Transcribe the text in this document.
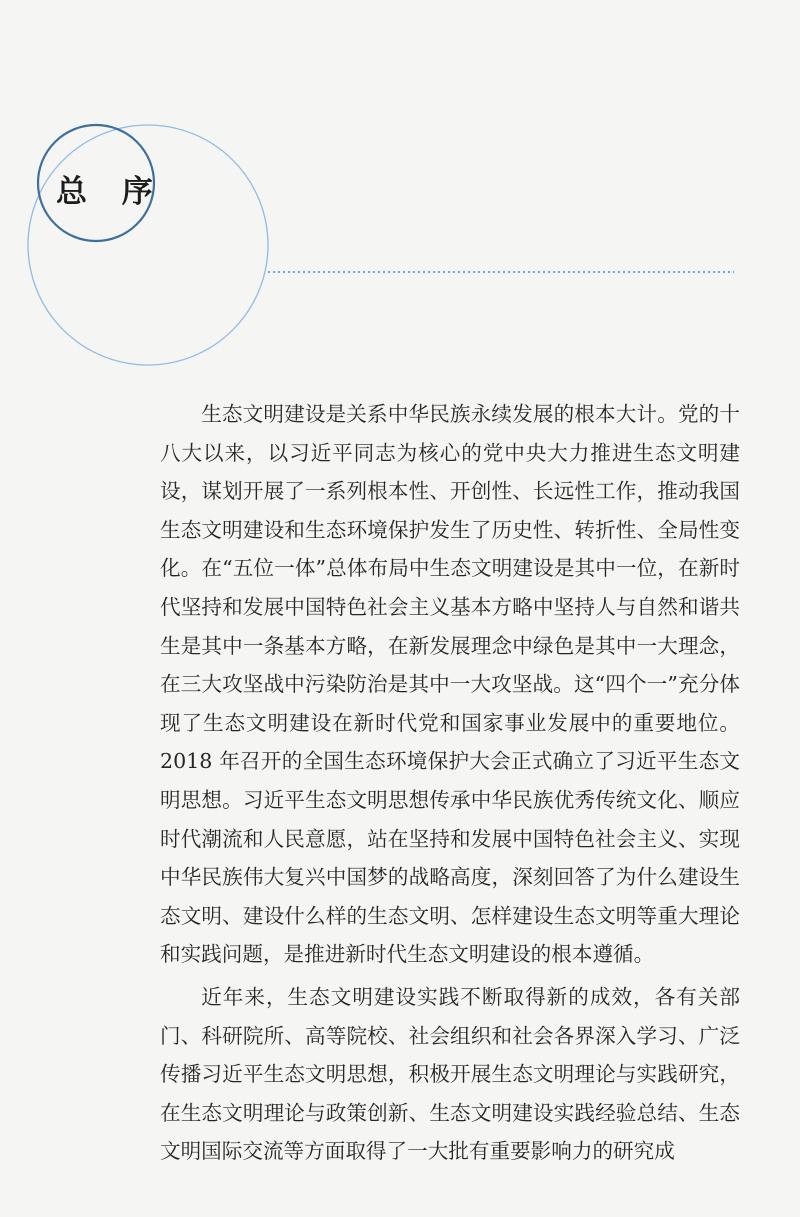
总 序

生态文明建设是关系中华民族永续发展的根本大计。党的十八大以来，以习近平同志为核心的党中央大力推进生态文明建设，谋划开展了一系列根本性、开创性、长远性工作，推动我国生态文明建设和生态环境保护发生了历史性、转折性、全局性变化。在“五位一体”总体布局中生态文明建设是其中一位，在新时代坚持和发展中国特色社会主义基本方略中坚持人与自然和谐共生是其中一条基本方略，在新发展理念中绿色是其中一大理念，在三大攻坚战中污染防治是其中一大攻坚战。这“四个一”充分体现了生态文明建设在新时代党和国家事业发展中的重要地位。2018 年召开的全国生态环境保护大会正式确立了习近平生态文明思想。习近平生态文明思想传承中华民族优秀传统文化、顺应时代潮流和人民意愿，站在坚持和发展中国特色社会主义、实现中华民族伟大复兴中国梦的战略高度，深刻回答了为什么建设生态文明、建设什么样的生态文明、怎样建设生态文明等重大理论和实践问题，是推进新时代生态文明建设的根本遵循。

近年来，生态文明建设实践不断取得新的成效，各有关部门、科研院所、高等院校、社会组织和社会各界深入学习、广泛传播习近平生态文明思想，积极开展生态文明理论与实践研究，在生态文明理论与政策创新、生态文明建设实践经验总结、生态文明国际交流等方面取得了一大批有重要影响力的研究成
